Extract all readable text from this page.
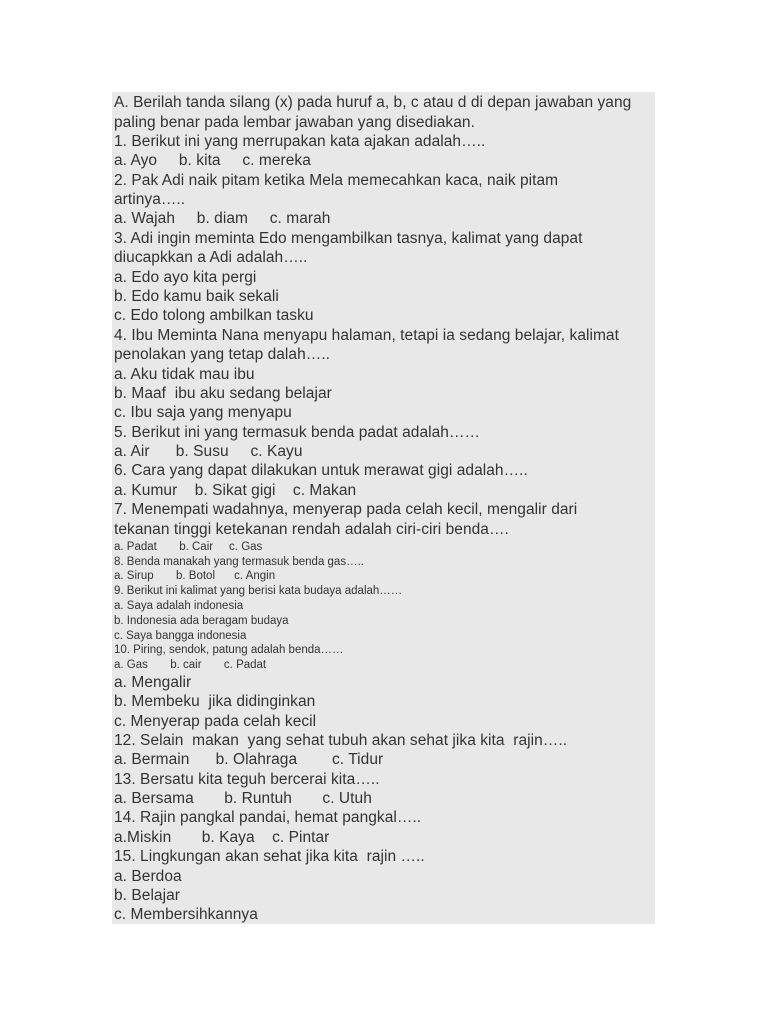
A. Berilah tanda silang (x) pada huruf a, b, c atau d di depan jawaban yang

paling benar pada lembar jawaban yang disediakan.

1. Berikut ini yang merrupakan kata ajakan adalah…..

a. Ayo     b. kita     c. mereka

2. Pak Adi naik pitam ketika Mela memecahkan kaca, naik pitam

artinya…..

a. Wajah     b. diam     c. marah

3. Adi ingin meminta Edo mengambilkan tasnya, kalimat yang dapat

diucapkkan a Adi adalah…..

a. Edo ayo kita pergi

b. Edo kamu baik sekali

c. Edo tolong ambilkan tasku

4. Ibu Meminta Nana menyapu halaman, tetapi ia sedang belajar, kalimat

penolakan yang tetap dalah…..

a. Aku tidak mau ibu

b. Maaf  ibu aku sedang belajar

c. Ibu saja yang menyapu

5. Berikut ini yang termasuk benda padat adalah……

a. Air      b. Susu     c. Kayu

6. Cara yang dapat dilakukan untuk merawat gigi adalah…..

a. Kumur    b. Sikat gigi    c. Makan

7. Menempati wadahnya, menyerap pada celah kecil, mengalir dari

tekanan tinggi ketekanan rendah adalah ciri-ciri benda….

a. Padat       b. Cair     c. Gas

8. Benda manakah yang termasuk benda gas…..

a. Sirup       b. Botol      c. Angin

9. Berikut ini kalimat yang berisi kata budaya adalah……

a. Saya adalah indonesia

b. Indonesia ada beragam budaya

c. Saya bangga indonesia

10. Piring, sendok, patung adalah benda……

a. Gas       b. cair       c. Padat

a. Mengalir

b. Membeku  jika didinginkan

c. Menyerap pada celah kecil

12. Selain  makan  yang sehat tubuh akan sehat jika kita  rajin…..

a. Bermain      b. Olahraga        c. Tidur

13. Bersatu kita teguh bercerai kita…..

a. Bersama       b. Runtuh       c. Utuh

14. Rajin pangkal pandai, hemat pangkal…..

a.Miskin       b. Kaya    c. Pintar

15. Lingkungan akan sehat jika kita  rajin …..

a. Berdoa

b. Belajar

c. Membersihkannya
